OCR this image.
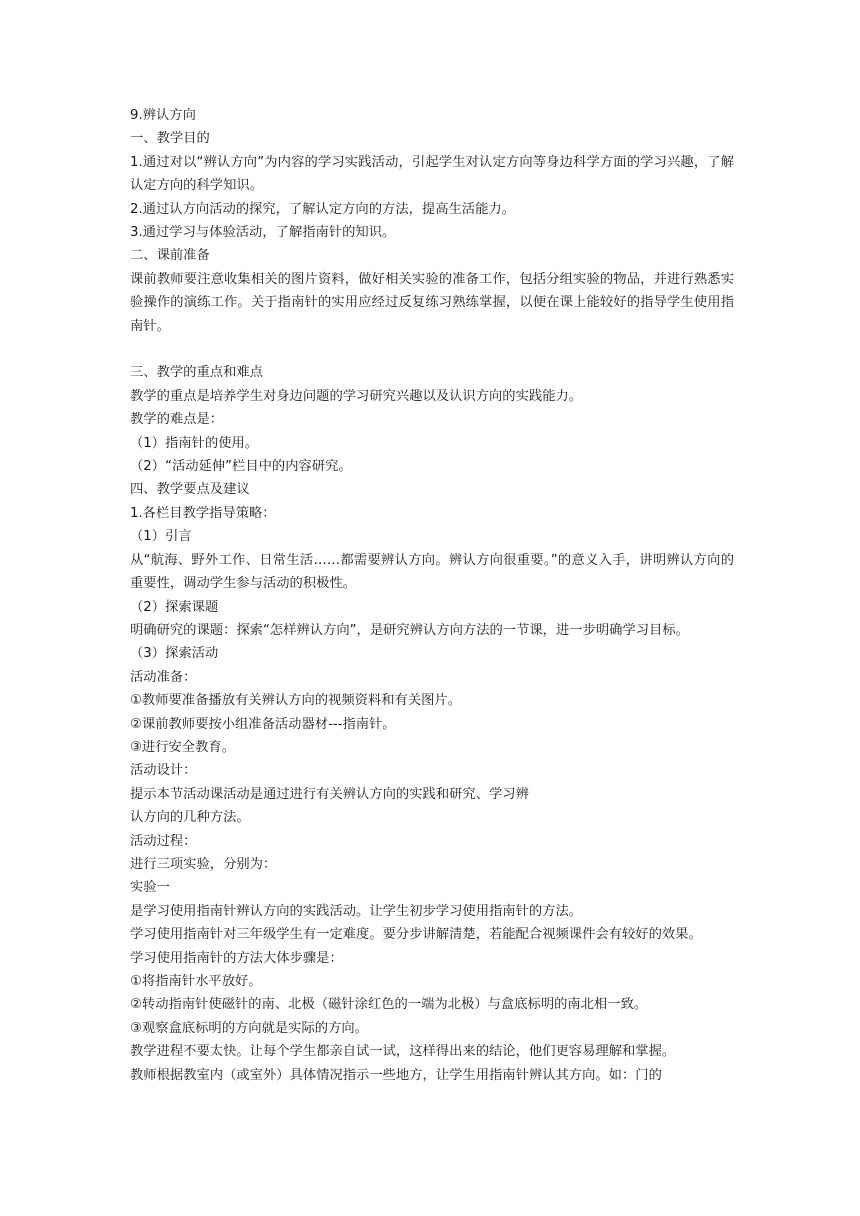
9.辨认方向

一、教学目的

1.通过对以“辨认方向”为内容的学习实践活动，引起学生对认定方向等身边科学方面的学习兴趣，了解认定方向的科学知识。

2.通过认方向活动的探究，了解认定方向的方法，提高生活能力。

3.通过学习与体验活动，了解指南针的知识。

二、课前准备

课前教师要注意收集相关的图片资料，做好相关实验的准备工作，包括分组实验的物品，并进行熟悉实验操作的演练工作。关于指南针的实用应经过反复练习熟练掌握，以便在课上能较好的指导学生使用指南针。

三、教学的重点和难点

教学的重点是培养学生对身边问题的学习研究兴趣以及认识方向的实践能力。

教学的难点是：

（1）指南针的使用。

（2）“活动延伸”栏目中的内容研究。

四、教学要点及建议

1.各栏目教学指导策略：

（1）引言

从“航海、野外工作、日常生活……都需要辨认方向。辨认方向很重要。”的意义入手，讲明辨认方向的重要性，调动学生参与活动的积极性。

（2）探索课题

明确研究的课题：探索“怎样辨认方向”，是研究辨认方向方法的一节课，进一步明确学习目标。

（3）探索活动

活动准备：

①教师要准备播放有关辨认方向的视频资料和有关图片。

②课前教师要按小组准备活动器材---指南针。

③进行安全教育。

活动设计：

提示本节活动课活动是通过进行有关辨认方向的实践和研究、学习辨

认方向的几种方法。

活动过程：

进行三项实验，分别为：

实验一

是学习使用指南针辨认方向的实践活动。让学生初步学习使用指南针的方法。

学习使用指南针对三年级学生有一定难度。要分步讲解清楚，若能配合视频课件会有较好的效果。

学习使用指南针的方法大体步骤是：

①将指南针水平放好。

②转动指南针使磁针的南、北极（磁针涂红色的一端为北极）与盒底标明的南北相一致。

③观察盒底标明的方向就是实际的方向。

教学进程不要太快。让每个学生都亲自试一试，这样得出来的结论，他们更容易理解和掌握。

教师根据教室内（或室外）具体情况指示一些地方，让学生用指南针辨认其方向。如：门的
